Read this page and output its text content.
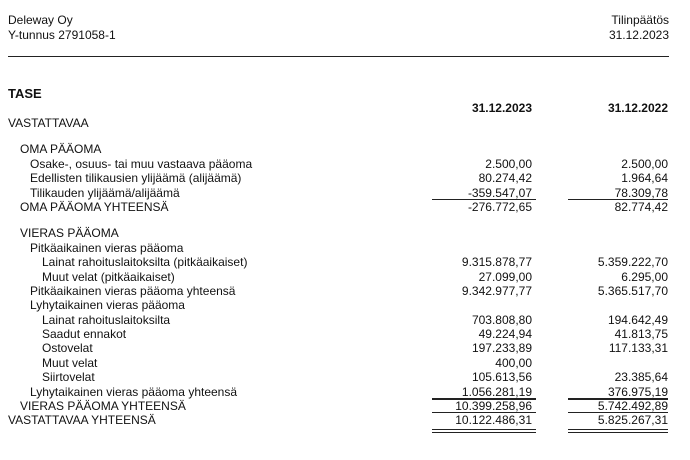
Deleway Oy
Y-tunnus 2791058-1
Tilinpäätös
31.12.2023
TASE
31.12.2023	31.12.2022
VASTATTAVAA
OMA PÄÄOMA
Osake-, osuus- tai muu vastaava pääoma	2.500,00	2.500,00
Edellisten tilikausien ylijäämä (alijäämä)	80.274,42	1.964,64
Tilikauden ylijäämä/alijäämä	-359.547,07	78.309,78
OMA PÄÄOMA YHTEENSÄ	-276.772,65	82.774,42
VIERAS PÄÄOMA
Pitkäaikainen vieras pääoma
Lainat rahoituslaitoksilta (pitkäaikaiset)	9.315.878,77	5.359.222,70
Muut velat (pitkäaikaiset)	27.099,00	6.295,00
Pitkäaikainen vieras pääoma yhteensä	9.342.977,77	5.365.517,70
Lyhytaikainen vieras pääoma
Lainat rahoituslaitoksilta	703.808,80	194.642,49
Saadut ennakot	49.224,94	41.813,75
Ostovelat	197.233,89	117.133,31
Muut velat	400,00
Siirtovelat	105.613,56	23.385,64
Lyhytaikainen vieras pääoma yhteensä	1.056.281,19	376.975,19
VIERAS PÄÄOMA YHTEENSÄ	10.399.258,96	5.742.492,89
VASTATTAVAA YHTEENSÄ	10.122.486,31	5.825.267,31
